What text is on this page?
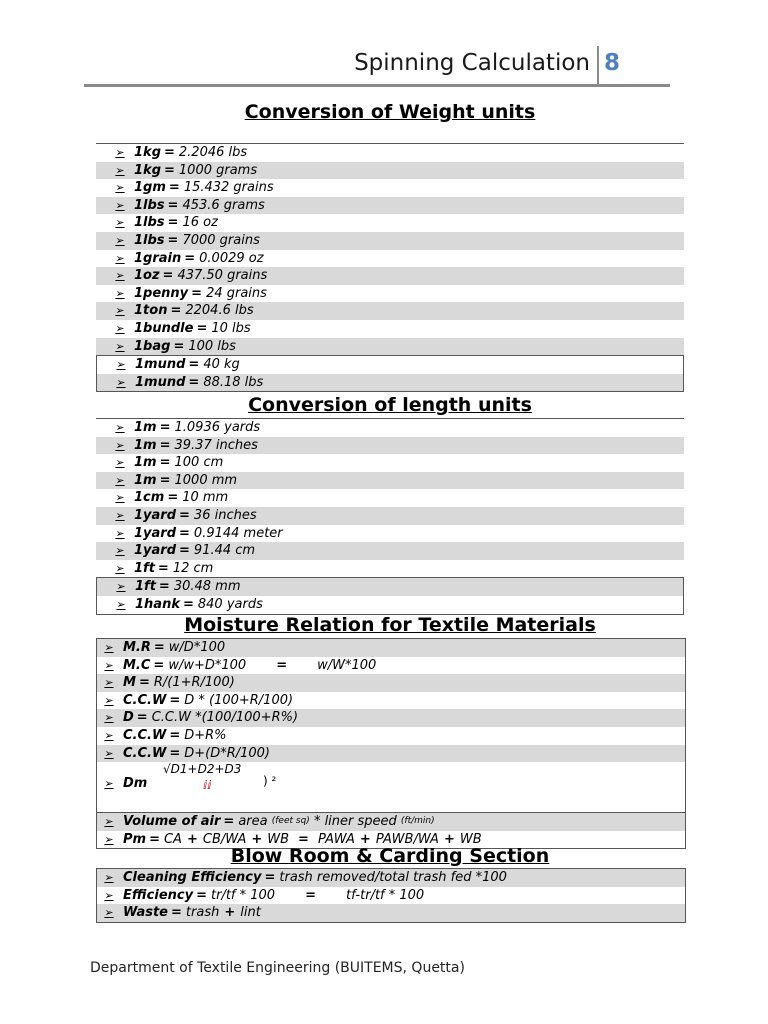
Spinning Calculation 8
Conversion of Weight units
➢ 1kg = 2.2046 lbs
➢ 1kg = 1000 grams
➢ 1gm = 15.432 grains
➢ 1lbs = 453.6 grams
➢ 1lbs = 16 oz
➢ 1lbs = 7000 grains
➢ 1grain = 0.0029 oz
➢ 1oz = 437.50 grains
➢ 1penny = 24 grains
➢ 1ton = 2204.6 lbs
➢ 1bundle = 10 lbs
➢ 1bag = 100 lbs
➢ 1mund = 40 kg
➢ 1mund = 88.18 lbs
Conversion of length units
➢ 1m = 1.0936 yards
➢ 1m = 39.37 inches
➢ 1m = 100 cm
➢ 1m = 1000 mm
➢ 1cm = 10 mm
➢ 1yard = 36 inches
➢ 1yard = 0.9144 meter
➢ 1yard = 91.44 cm
➢ 1ft = 12 cm
➢ 1ft = 30.48 mm
➢ 1hank = 840 yards
Moisture Relation for Textile Materials
➢ M.R = w/D*100
➢ M.C = w/w+D*100 = w/W*100
➢ M = R/(1+R/100)
➢ C.C.W = D * (100+R/100)
➢ D = C.C.W *(100/100+R%)
➢ C.C.W = D+R%
➢ C.C.W = D+(D*R/100)
➢ Dm
√D1+D2+D3
ⅈⅈ	) ²
➢ Volume of air = area
(feet sq)
* liner speed
(ft/min)
➢ Pm = CA + CB/WA + WB = PAWA + PAWB/WA + WB
Blow Room & Carding Section
➢ Cleaning Efficiency = trash removed/total trash fed *100
➢ Efficiency = tr/tf * 100 = tf-tr/tf * 100
➢ Waste = trash + lint
Department of Textile Engineering (BUITEMS, Quetta)
